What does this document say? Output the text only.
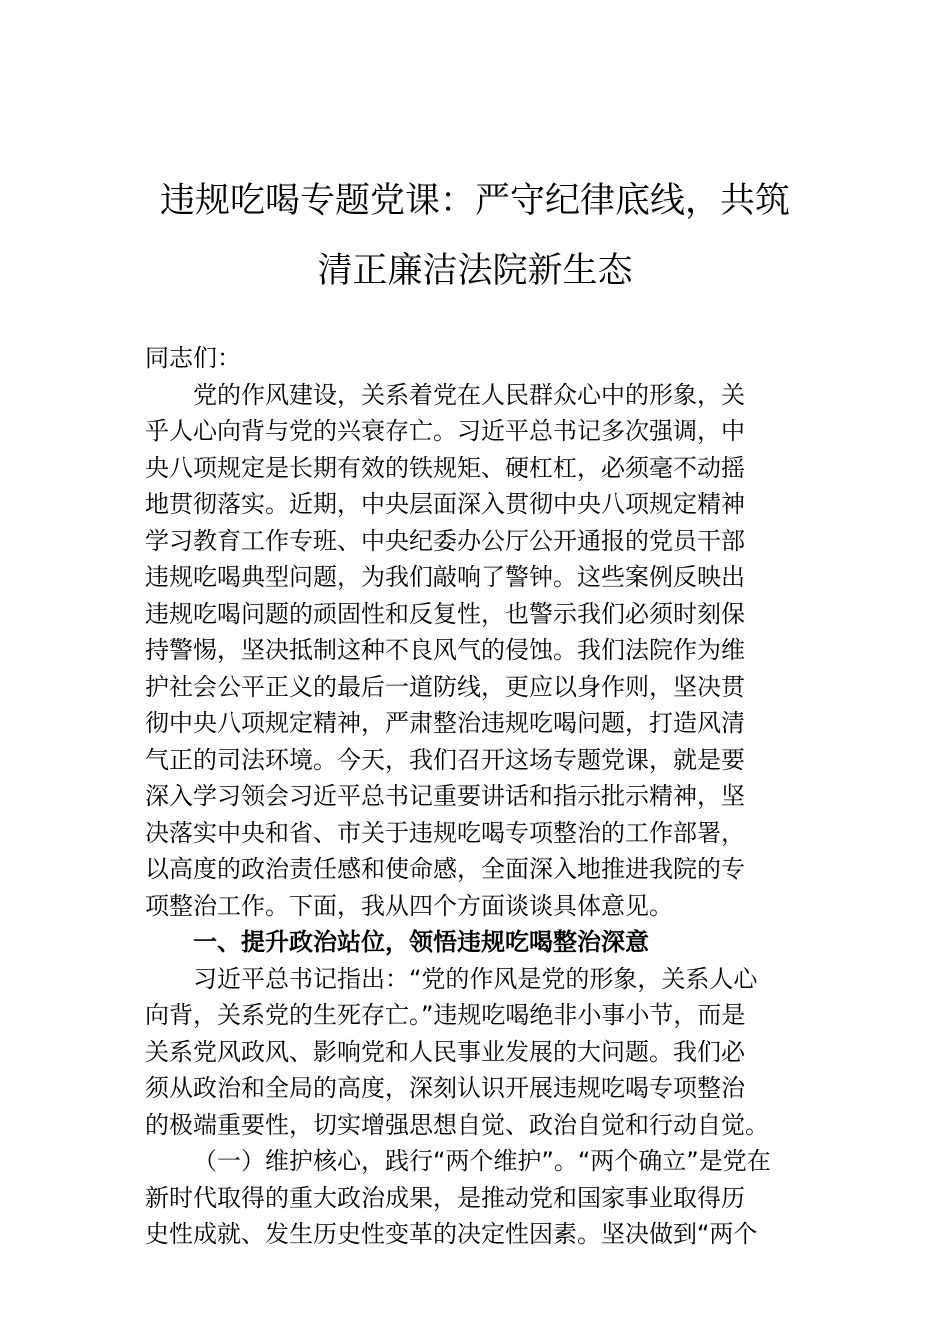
违规吃喝专题党课：严守纪律底线，共筑
清正廉洁法院新生态
同志们：
党的作风建设，关系着党在人民群众心中的形象，关
乎人心向背与党的兴衰存亡。习近平总书记多次强调，中
央八项规定是长期有效的铁规矩、硬杠杠，必须毫不动摇
地贯彻落实。近期，中央层面深入贯彻中央八项规定精神
学习教育工作专班、中央纪委办公厅公开通报的党员干部
违规吃喝典型问题，为我们敲响了警钟。这些案例反映出
违规吃喝问题的顽固性和反复性，也警示我们必须时刻保
持警惕，坚决抵制这种不良风气的侵蚀。我们法院作为维
护社会公平正义的最后一道防线，更应以身作则，坚决贯
彻中央八项规定精神，严肃整治违规吃喝问题，打造风清
气正的司法环境。今天，我们召开这场专题党课，就是要
深入学习领会习近平总书记重要讲话和指示批示精神，坚
决落实中央和省、市关于违规吃喝专项整治的工作部署，
以高度的政治责任感和使命感，全面深入地推进我院的专
项整治工作。下面，我从四个方面谈谈具体意见。
一、提升政治站位，领悟违规吃喝整治深意
习近平总书记指出：“党的作风是党的形象，关系人心
向背，关系党的生死存亡。”违规吃喝绝非小事小节，而是
关系党风政风、影响党和人民事业发展的大问题。我们必
须从政治和全局的高度，深刻认识开展违规吃喝专项整治
的极端重要性，切实增强思想自觉、政治自觉和行动自觉。
（一）维护核心，践行“两个维护”。“两个确立”是党在
新时代取得的重大政治成果，是推动党和国家事业取得历
史性成就、发生历史性变革的决定性因素。坚决做到“两个
